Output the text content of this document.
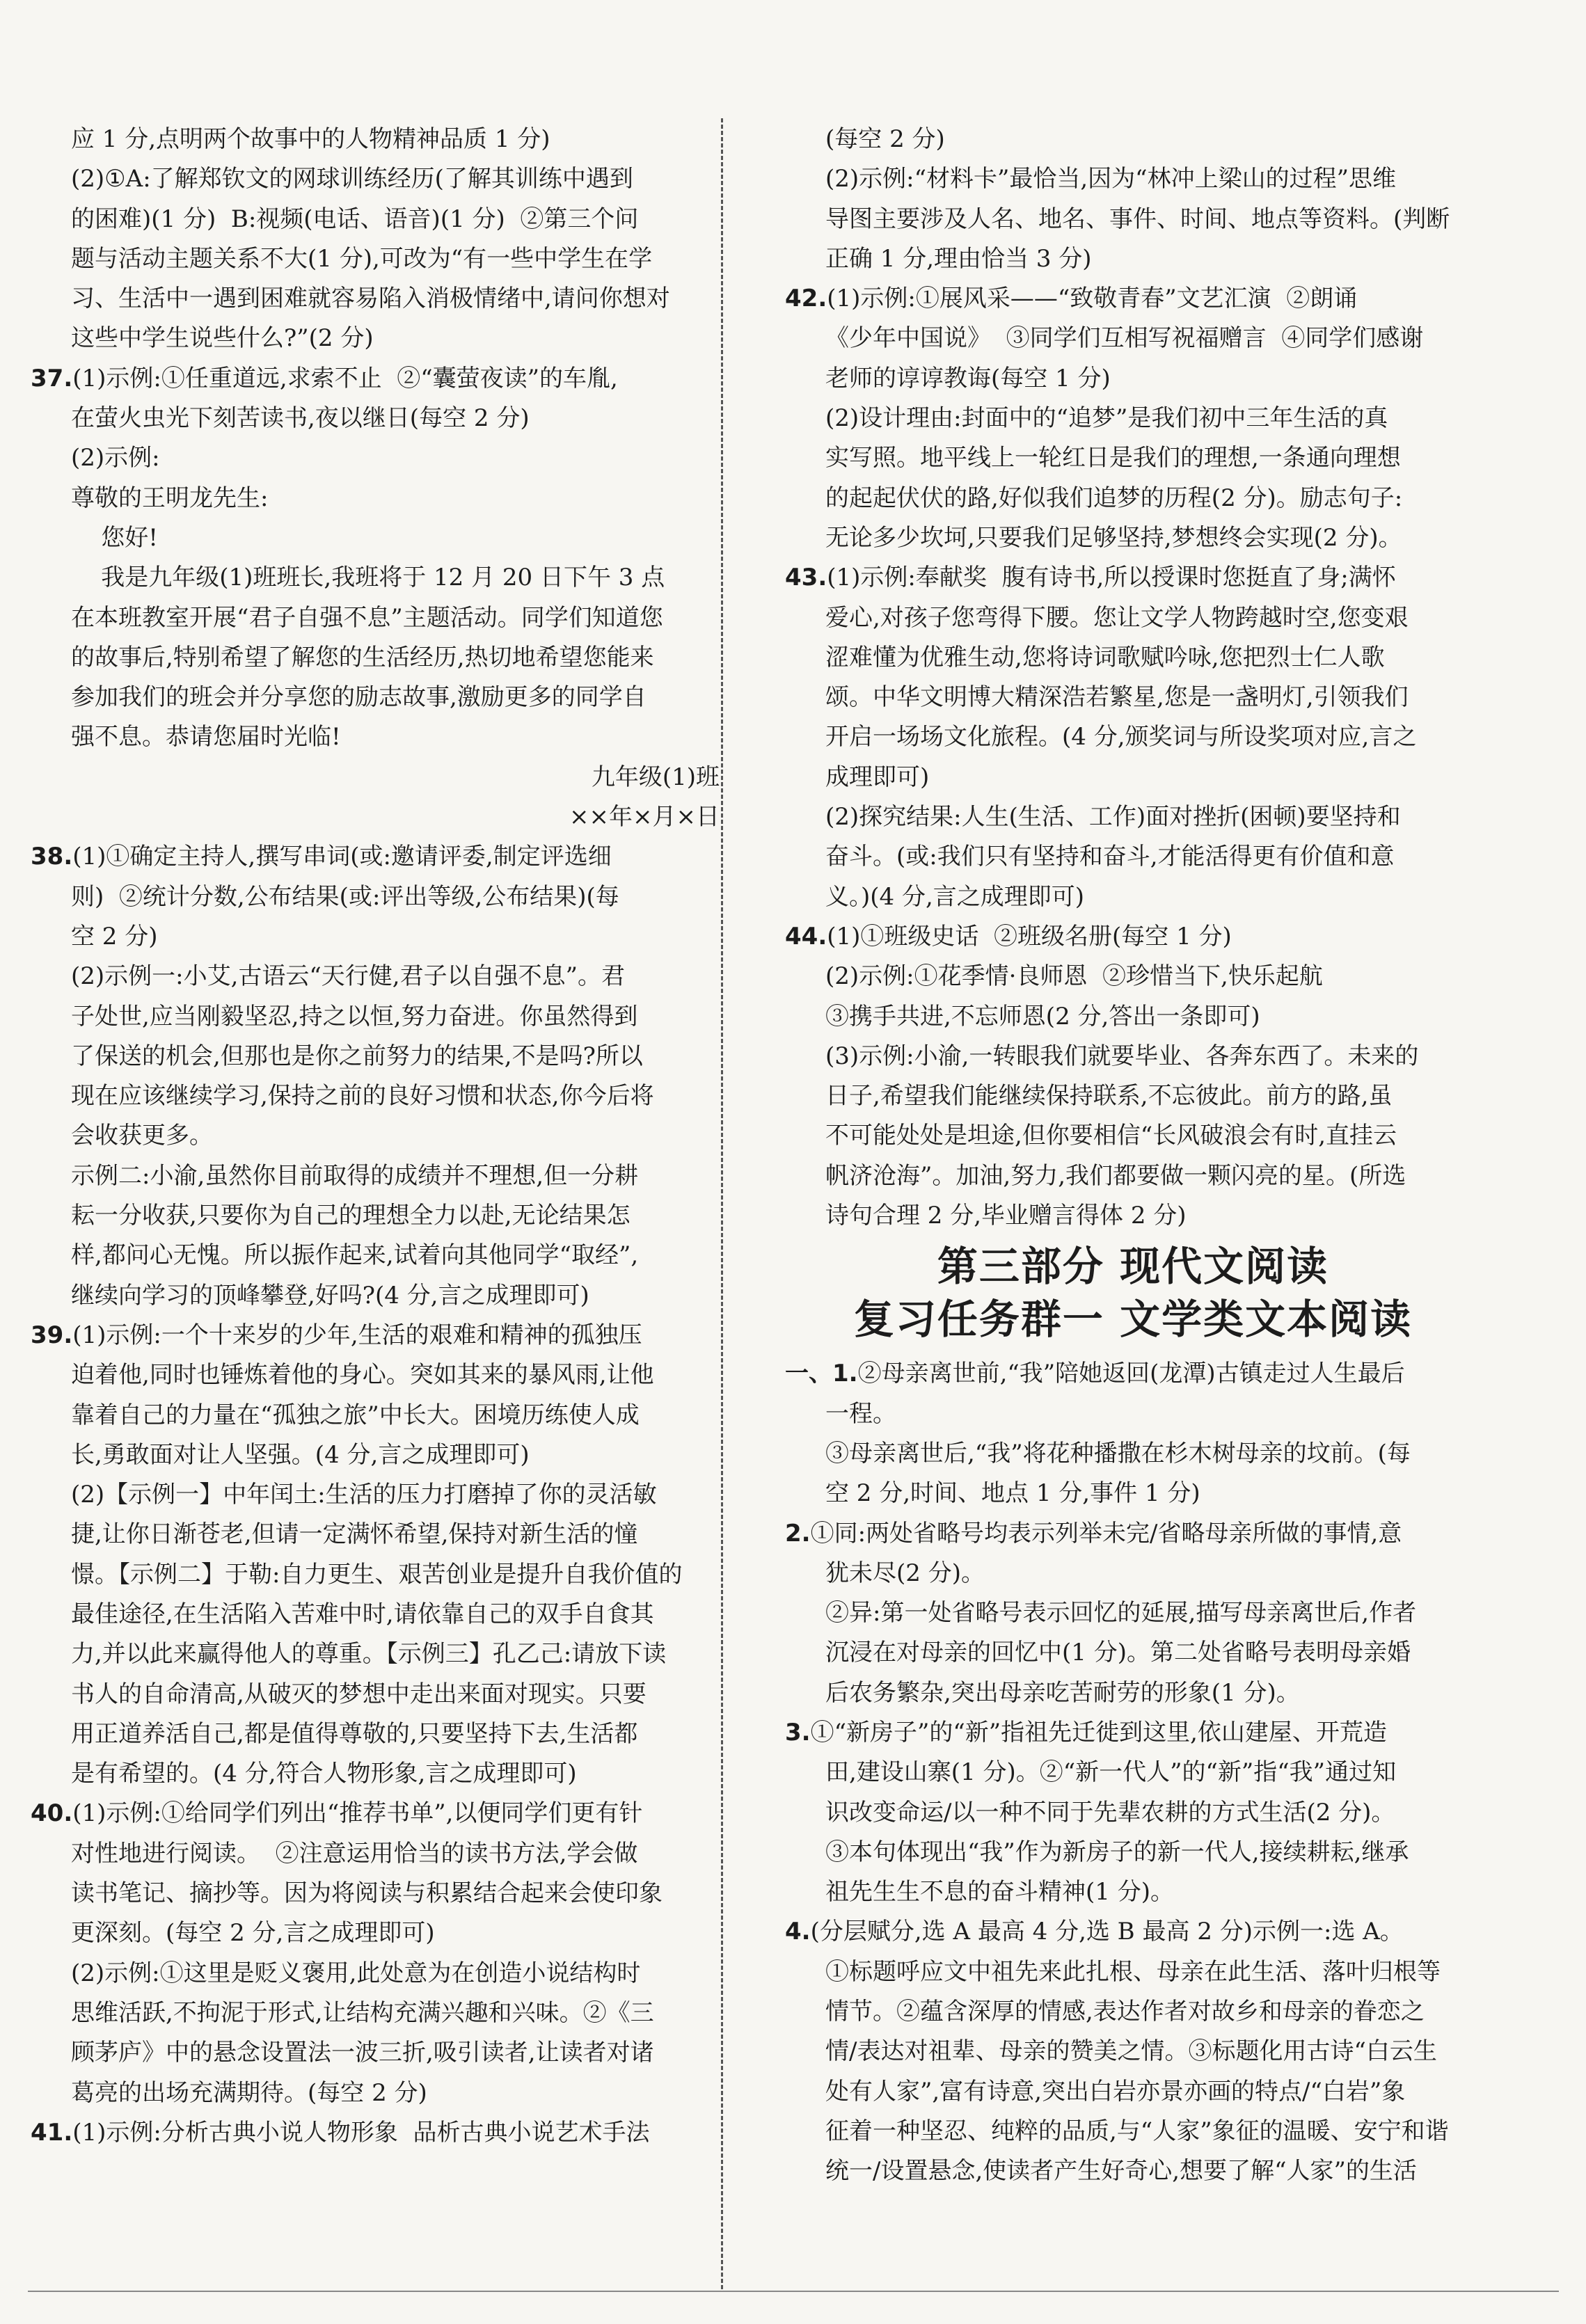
应 1 分,点明两个故事中的人物精神品质 1 分)

(2)①A:了解郑钦文的网球训练经历(了解其训练中遇到

的困难)(1 分)  B:视频(电话、语音)(1 分)  ②第三个问

题与活动主题关系不大(1 分),可改为“有一些中学生在学

习、生活中一遇到困难就容易陷入消极情绪中,请问你想对

这些中学生说些什么?”(2 分)

37.(1)示例:①任重道远,求索不止  ②“囊萤夜读”的车胤,

在萤火虫光下刻苦读书,夜以继日(每空 2 分)

(2)示例:

尊敬的王明龙先生:

您好!

我是九年级(1)班班长,我班将于 12 月 20 日下午 3 点

在本班教室开展“君子自强不息”主题活动。同学们知道您

的故事后,特别希望了解您的生活经历,热切地希望您能来

参加我们的班会并分享您的励志故事,激励更多的同学自

强不息。恭请您届时光临!

九年级(1)班

××年×月×日

38.(1)①确定主持人,撰写串词(或:邀请评委,制定评选细

则)  ②统计分数,公布结果(或:评出等级,公布结果)(每

空 2 分)

(2)示例一:小艾,古语云“天行健,君子以自强不息”。君

子处世,应当刚毅坚忍,持之以恒,努力奋进。你虽然得到

了保送的机会,但那也是你之前努力的结果,不是吗?所以

现在应该继续学习,保持之前的良好习惯和状态,你今后将

会收获更多。

示例二:小渝,虽然你目前取得的成绩并不理想,但一分耕

耘一分收获,只要你为自己的理想全力以赴,无论结果怎

样,都问心无愧。所以振作起来,试着向其他同学“取经”,

继续向学习的顶峰攀登,好吗?(4 分,言之成理即可)

39.(1)示例:一个十来岁的少年,生活的艰难和精神的孤独压

迫着他,同时也锤炼着他的身心。突如其来的暴风雨,让他

靠着自己的力量在“孤独之旅”中长大。困境历练使人成

长,勇敢面对让人坚强。(4 分,言之成理即可)

(2)【示例一】中年闰土:生活的压力打磨掉了你的灵活敏

捷,让你日渐苍老,但请一定满怀希望,保持对新生活的憧

憬。【示例二】于勒:自力更生、艰苦创业是提升自我价值的

最佳途径,在生活陷入苦难中时,请依靠自己的双手自食其

力,并以此来赢得他人的尊重。【示例三】孔乙己:请放下读

书人的自命清高,从破灭的梦想中走出来面对现实。只要

用正道养活自己,都是值得尊敬的,只要坚持下去,生活都

是有希望的。(4 分,符合人物形象,言之成理即可)

40.(1)示例:①给同学们列出“推荐书单”,以便同学们更有针

对性地进行阅读。  ②注意运用恰当的读书方法,学会做

读书笔记、摘抄等。因为将阅读与积累结合起来会使印象

更深刻。(每空 2 分,言之成理即可)

(2)示例:①这里是贬义褒用,此处意为在创造小说结构时

思维活跃,不拘泥于形式,让结构充满兴趣和兴味。②《三

顾茅庐》中的悬念设置法一波三折,吸引读者,让读者对诸

葛亮的出场充满期待。(每空 2 分)

41.(1)示例:分析古典小说人物形象  品析古典小说艺术手法

(每空 2 分)

(2)示例:“材料卡”最恰当,因为“林冲上梁山的过程”思维

导图主要涉及人名、地名、事件、时间、地点等资料。(判断

正确 1 分,理由恰当 3 分)

42.(1)示例:①展风采——“致敬青春”文艺汇演  ②朗诵

《少年中国说》  ③同学们互相写祝福赠言  ④同学们感谢

老师的谆谆教诲(每空 1 分)

(2)设计理由:封面中的“追梦”是我们初中三年生活的真

实写照。地平线上一轮红日是我们的理想,一条通向理想

的起起伏伏的路,好似我们追梦的历程(2 分)。励志句子:

无论多少坎坷,只要我们足够坚持,梦想终会实现(2 分)。

43.(1)示例:奉献奖  腹有诗书,所以授课时您挺直了身;满怀

爱心,对孩子您弯得下腰。您让文学人物跨越时空,您变艰

涩难懂为优雅生动,您将诗词歌赋吟咏,您把烈士仁人歌

颂。中华文明博大精深浩若繁星,您是一盏明灯,引领我们

开启一场场文化旅程。(4 分,颁奖词与所设奖项对应,言之

成理即可)

(2)探究结果:人生(生活、工作)面对挫折(困顿)要坚持和

奋斗。(或:我们只有坚持和奋斗,才能活得更有价值和意

义。)(4 分,言之成理即可)

44.(1)①班级史话  ②班级名册(每空 1 分)

(2)示例:①花季情·良师恩  ②珍惜当下,快乐起航

③携手共进,不忘师恩(2 分,答出一条即可)

(3)示例:小渝,一转眼我们就要毕业、各奔东西了。未来的

日子,希望我们能继续保持联系,不忘彼此。前方的路,虽

不可能处处是坦途,但你要相信“长风破浪会有时,直挂云

帆济沧海”。加油,努力,我们都要做一颗闪亮的星。(所选

诗句合理 2 分,毕业赠言得体 2 分)

第三部分 现代文阅读
复习任务群一 文学类文本阅读

一、1.②母亲离世前,“我”陪她返回(龙潭)古镇走过人生最后

一程。

③母亲离世后,“我”将花种播撒在杉木树母亲的坟前。(每

空 2 分,时间、地点 1 分,事件 1 分)

2.①同:两处省略号均表示列举未完/省略母亲所做的事情,意

犹未尽(2 分)。

②异:第一处省略号表示回忆的延展,描写母亲离世后,作者

沉浸在对母亲的回忆中(1 分)。第二处省略号表明母亲婚

后农务繁杂,突出母亲吃苦耐劳的形象(1 分)。

3.①“新房子”的“新”指祖先迁徙到这里,依山建屋、开荒造

田,建设山寨(1 分)。②“新一代人”的“新”指“我”通过知

识改变命运/以一种不同于先辈农耕的方式生活(2 分)。

③本句体现出“我”作为新房子的新一代人,接续耕耘,继承

祖先生生不息的奋斗精神(1 分)。

4.(分层赋分,选 A 最高 4 分,选 B 最高 2 分)示例一:选 A。

①标题呼应文中祖先来此扎根、母亲在此生活、落叶归根等

情节。②蕴含深厚的情感,表达作者对故乡和母亲的眷恋之

情/表达对祖辈、母亲的赞美之情。③标题化用古诗“白云生

处有人家”,富有诗意,突出白岩亦景亦画的特点/“白岩”象

征着一种坚忍、纯粹的品质,与“人家”象征的温暖、安宁和谐

统一/设置悬念,使读者产生好奇心,想要了解“人家”的生活
